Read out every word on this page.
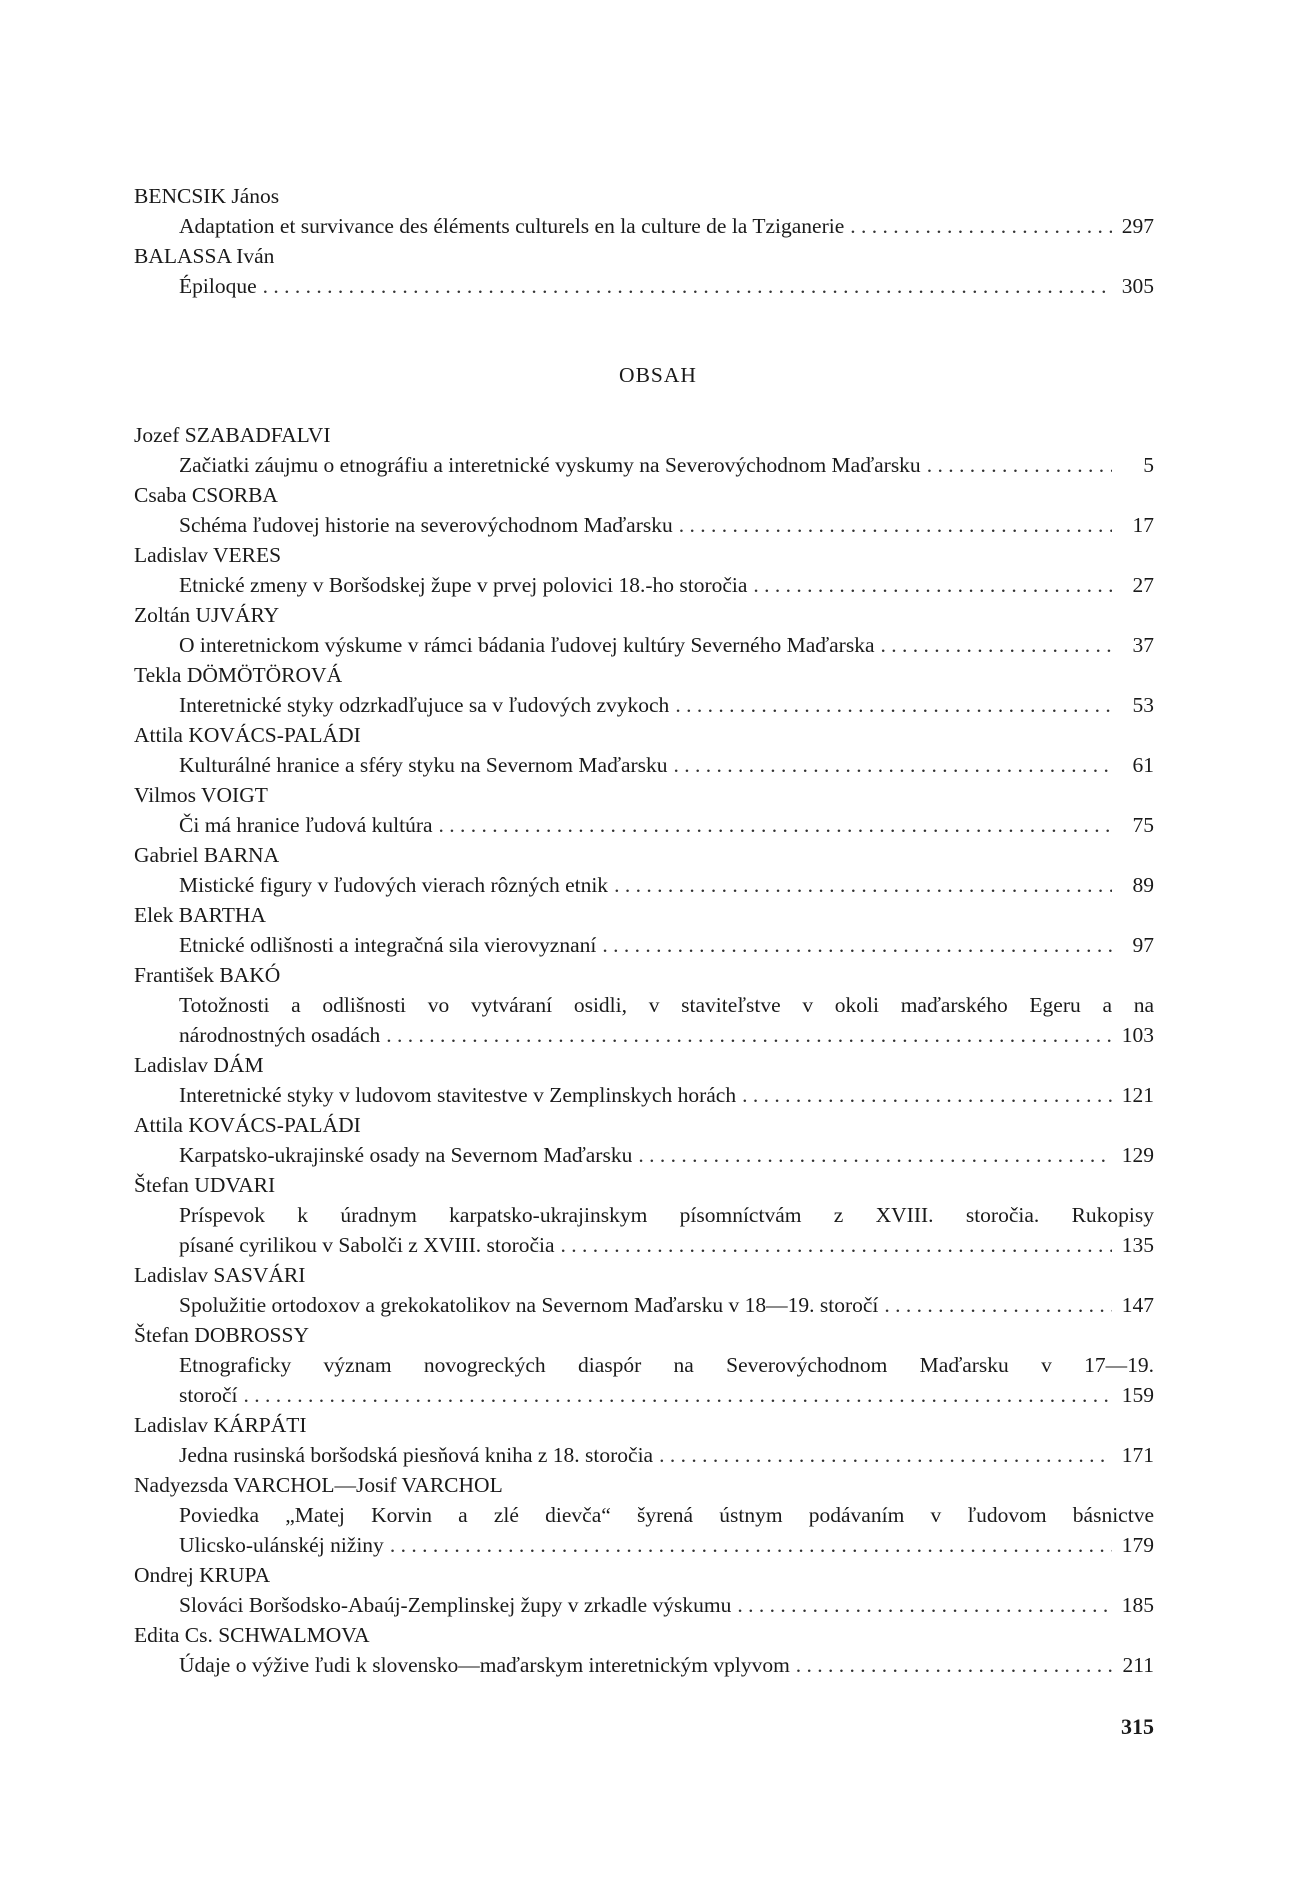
BENCSIK János
Adaptation et survivance des éléments culturels en la culture de la Tziganerie . . .	297
BALASSA Iván
Épiloque . . .	305
OBSAH
Jozef SZABADFALVI
Začiatki záujmu o etnográfiu a interetnické vyskumy na Severovýchodnom Maďarsku . . .	5
Csaba CSORBA
Schéma ľudovej historie na severovýchodnom Maďarsku . . .	17
Ladislav VERES
Etnické zmeny v Boršodskej župe v prvej polovici 18.-ho storočia . . .	27
Zoltán UJVÁRY
O interetnickom výskume v rámci bádania ľudovej kultúry Severného Maďarska . . .	37
Tekla DÖMÖTÖROVÁ
Interetnické styky odzrkadľujuce sa v ľudových zvykoch . . .	53
Attila KOVÁCS-PALÁDI
Kulturálné hranice a sféry styku na Severnom Maďarsku . . .	61
Vilmos VOIGT
Či má hranice ľudová kultúra . . .	75
Gabriel BARNA
Mistické figury v ľudových vierach rôzných etnik . . .	89
Elek BARTHA
Etnické odlišnosti a integračná sila vierovyznaní . . .	97
František BAKÓ
Totožnosti a odlišnosti vo vytváraní osidli, v staviteľstve v okoli maďarského Egeru a na
národnostných osadách . . .	103
Ladislav DÁM
Interetnické styky v ludovom stavitestve v Zemplinskych horách . . .	121
Attila KOVÁCS-PALÁDI
Karpatsko-ukrajinské osady na Severnom Maďarsku . . .	129
Štefan UDVARI
Príspevok k úradnym karpatsko-ukrajinskym písomníctvám z XVIII. storočia. Rukopisy
písané cyrilikou v Sabolči z XVIII. storočia . . .	135
Ladislav SASVÁRI
Spolužitie ortodoxov a grekokatolikov na Severnom Maďarsku v 18—19. storočí . . .	147
Štefan DOBROSSY
Etnograficky význam novogreckých diaspór na Severovýchodnom Maďarsku v 17—19.
storočí . . .	159
Ladislav KÁRPÁTI
Jedna rusinská boršodská piesňová kniha z 18. storočia . . .	171
Nadyezsda VARCHOL—Josif VARCHOL
Poviedka „Matej Korvin a zlé dievča“ šyrená ústnym podávaním v ľudovom básnictve
Ulicsko-ulánskéj nižiny . . .	179
Ondrej KRUPA
Slováci Boršodsko-Abaúj-Zemplinskej župy v zrkadle výskumu . . .	185
Edita Cs. SCHWALMOVA
Údaje o výžive ľudi k slovensko—maďarskym interetnickým vplyvom . . .	211
315
